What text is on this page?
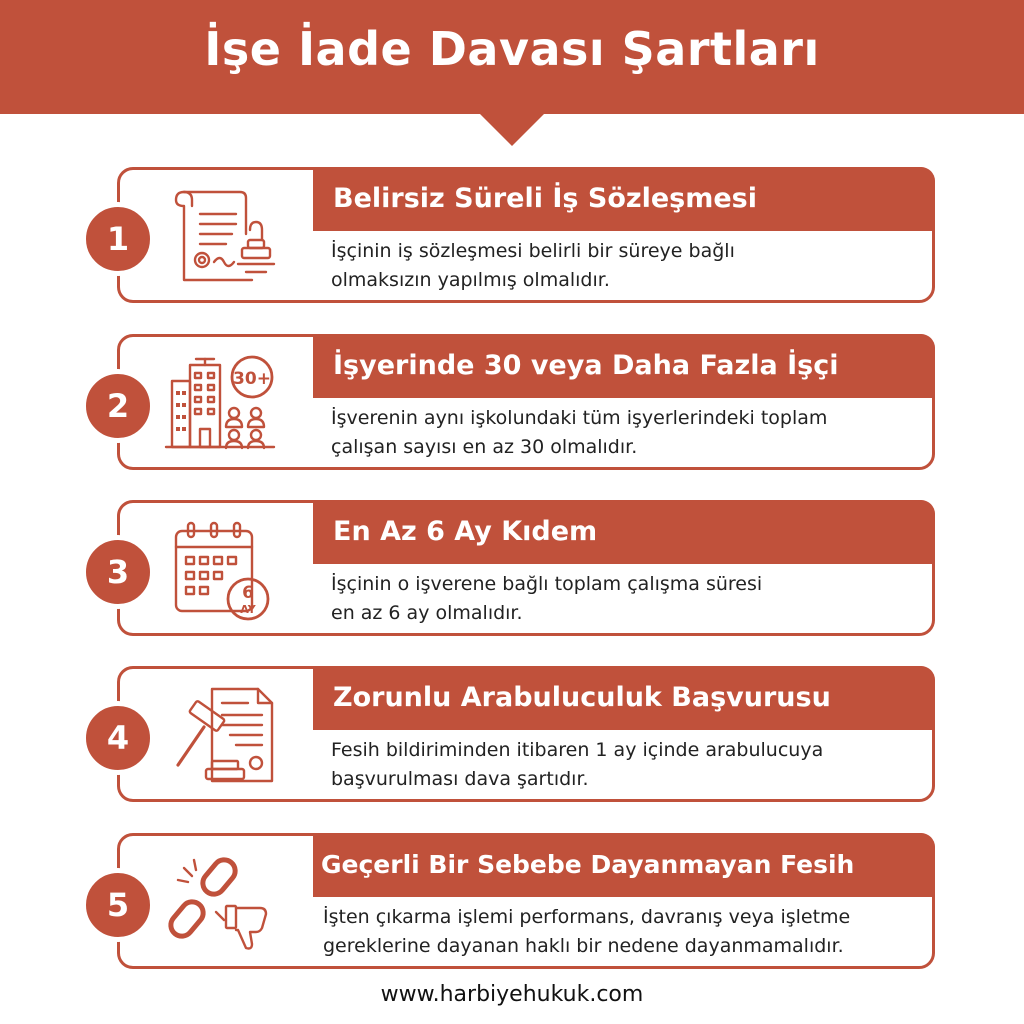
İşe İade Davası Şartları
Belirsiz Süreli İş Sözleşmesi
İşçinin iş sözleşmesi belirli bir süreye bağlı
olmaksızın yapılmış olmalıdır.
1
İşyerinde 30 veya Daha Fazla İşçi
İşverenin aynı işkolundaki tüm işyerlerindeki toplam
çalışan sayısı en az 30 olmalıdır.
30+
2
En Az 6 Ay Kıdem
İşçinin o işverene bağlı toplam çalışma süresi
en az 6 ay olmalıdır.
6
AY
3
Zorunlu Arabuluculuk Başvurusu
Fesih bildiriminden itibaren 1 ay içinde arabulucuya
başvurulması dava şartıdır.
4
Geçerli Bir Sebebe Dayanmayan Fesih
İşten çıkarma işlemi performans, davranış veya işletme
gereklerine dayanan haklı bir nedene dayanmamalıdır.
5
www.harbiyehukuk.com
